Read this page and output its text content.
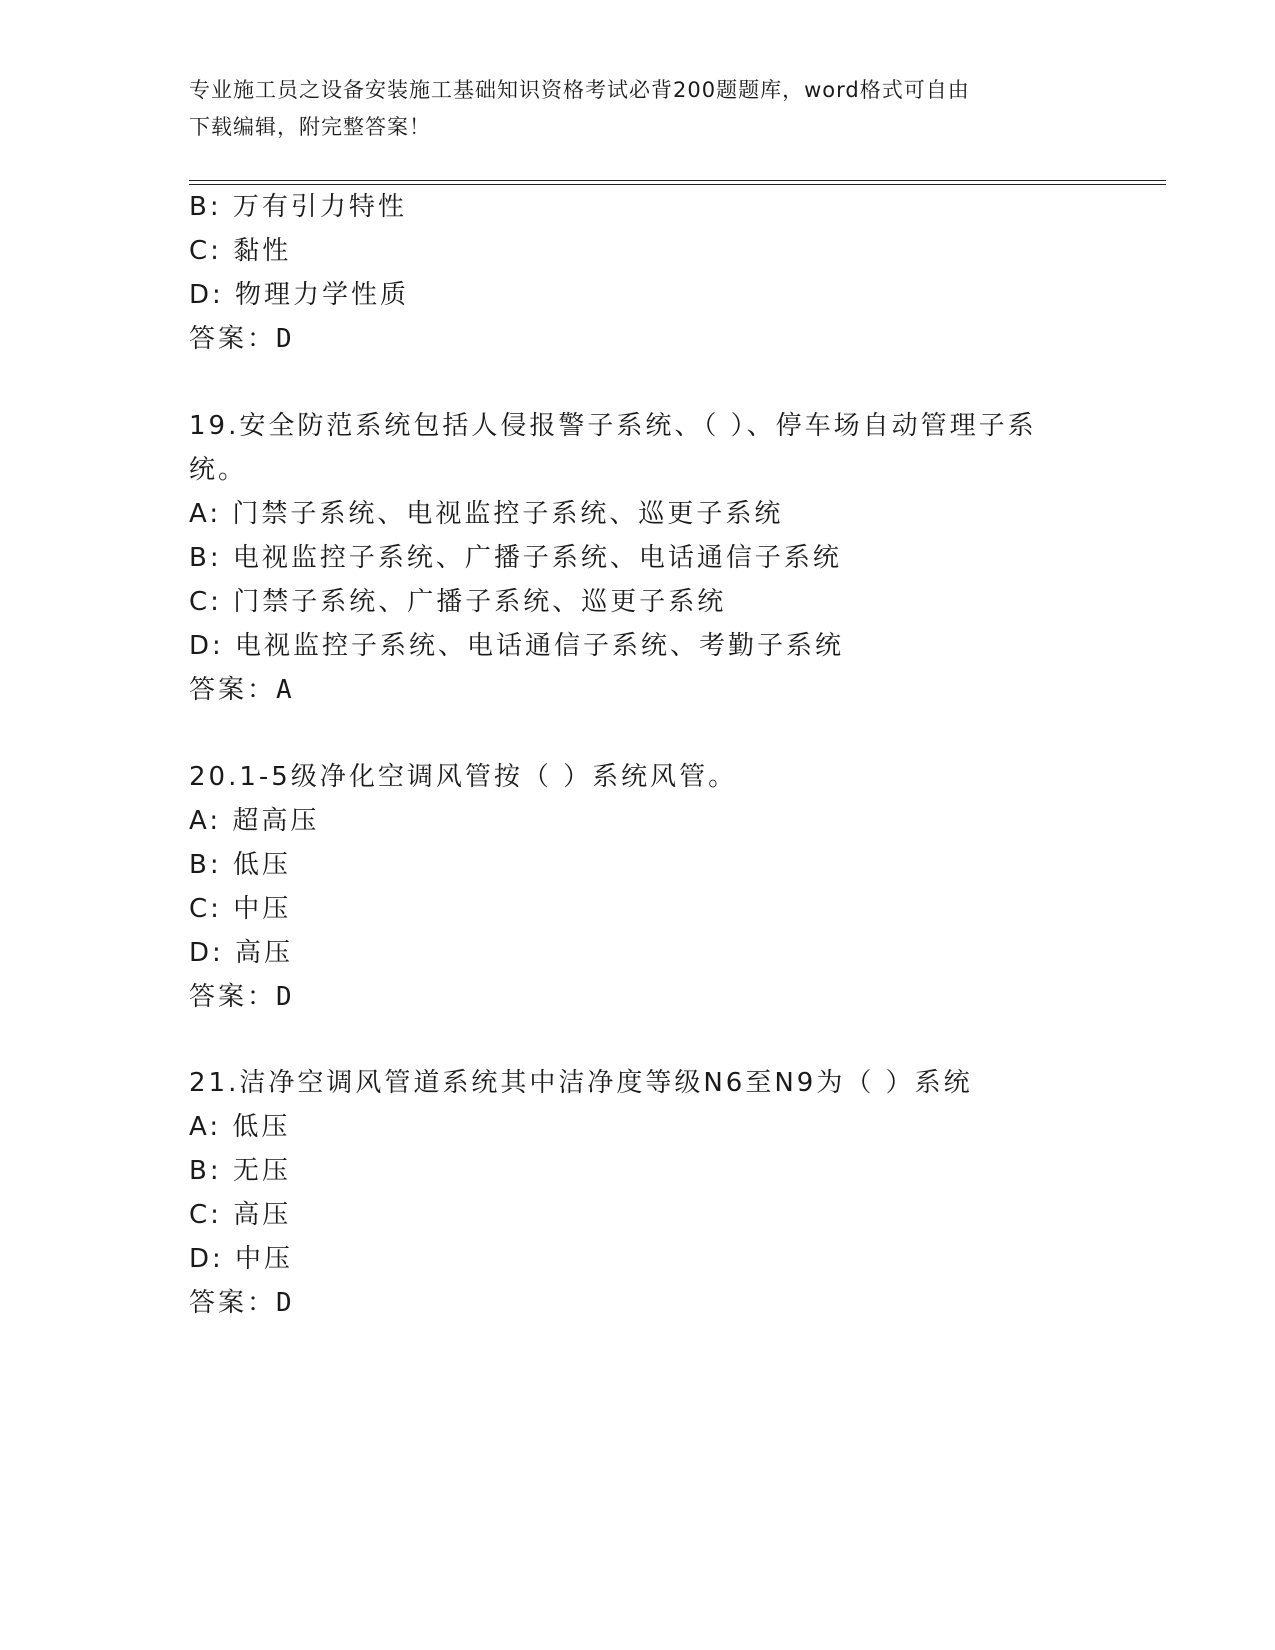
专业施工员之设备安装施工基础知识资格考试必背200题题库，word格式可自由
下载编辑，附完整答案！
B: 万有引力特性
C: 黏性
D: 物理力学性质
答案：D
19.安全防范系统包括人侵报警子系统、（ ）、停车场自动管理子系
统。
A: 门禁子系统、电视监控子系统、巡更子系统
B: 电视监控子系统、广播子系统、电话通信子系统
C: 门禁子系统、广播子系统、巡更子系统
D: 电视监控子系统、电话通信子系统、考勤子系统
答案：A
20.1-5级净化空调风管按（ ）系统风管。
A: 超高压
B: 低压
C: 中压
D: 高压
答案：D
21.洁净空调风管道系统其中洁净度等级N6至N9为（ ）系统
A: 低压
B: 无压
C: 高压
D: 中压
答案：D
